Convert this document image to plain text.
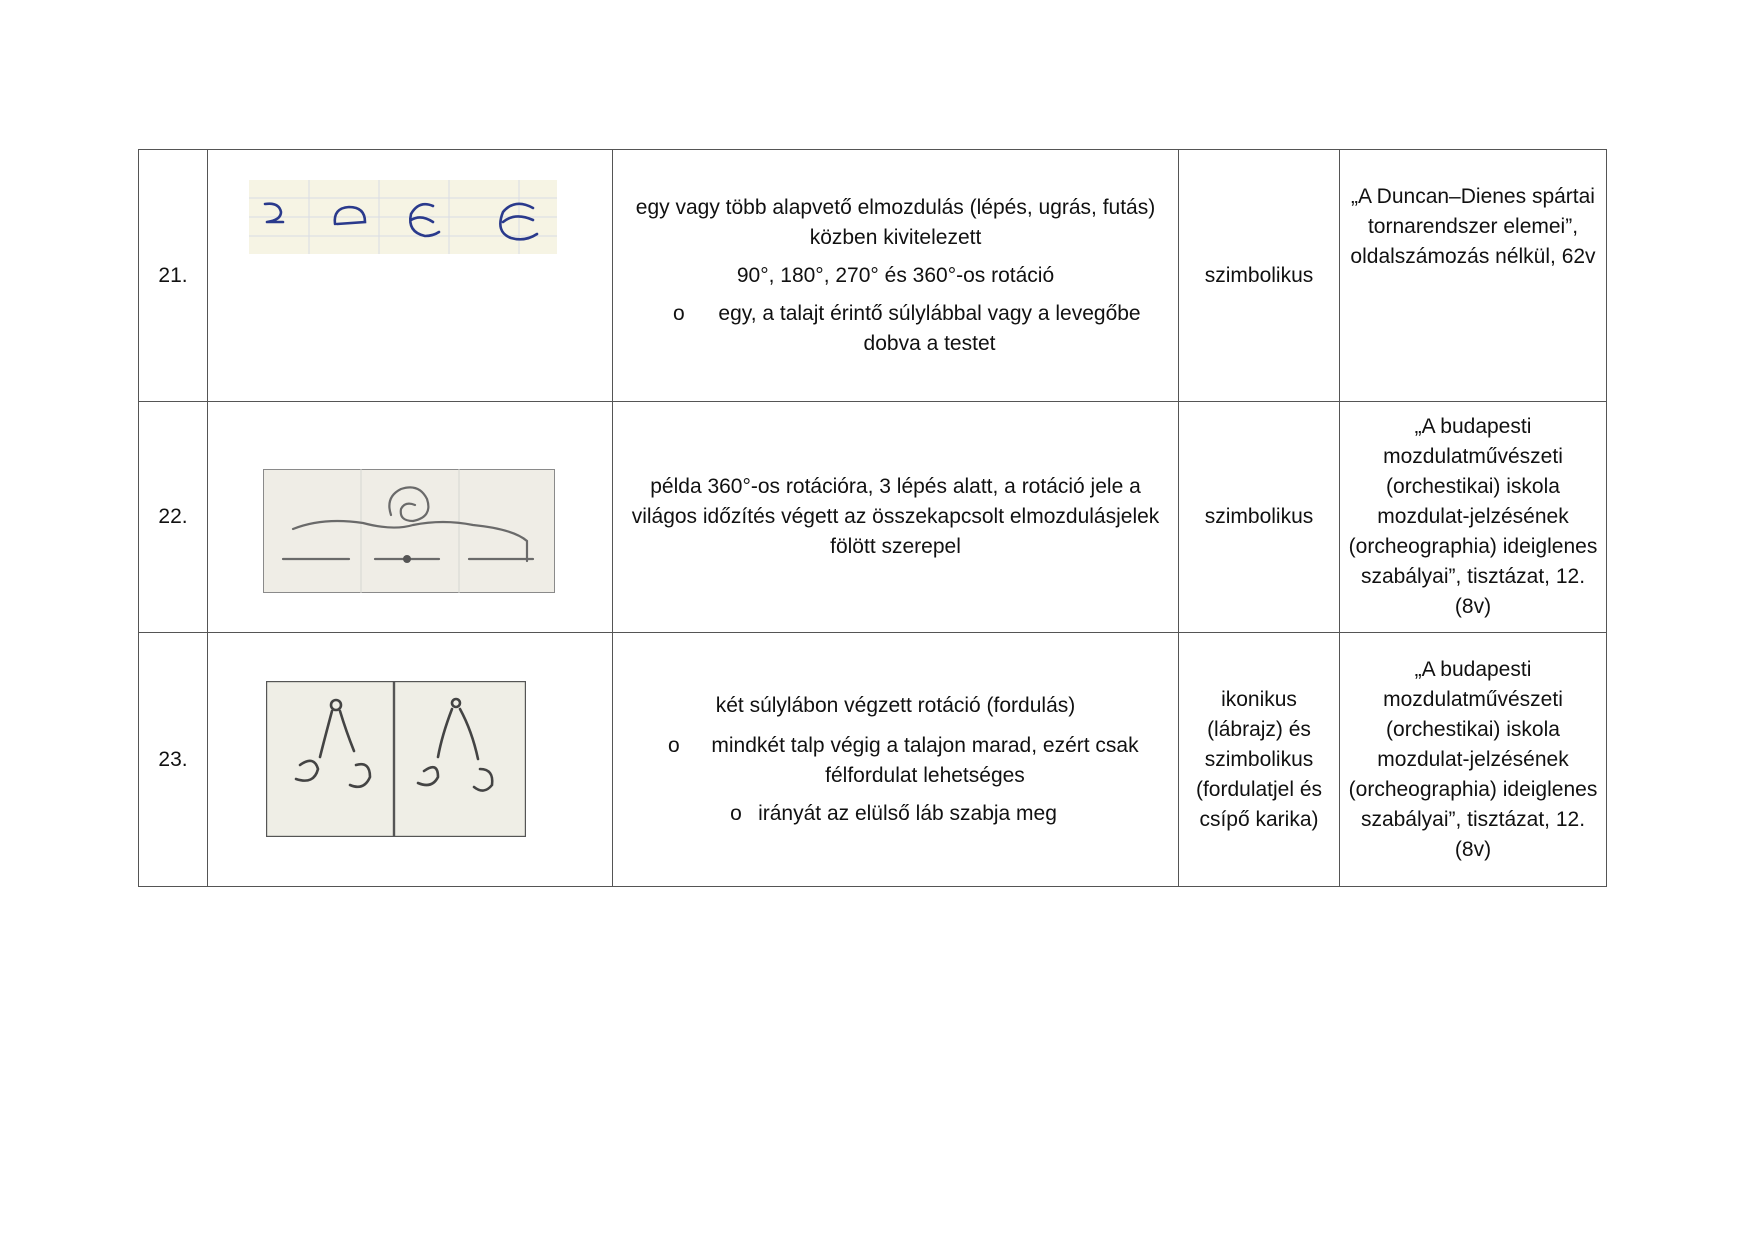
21.		egy vagy több alapvető elmozdulás (lépés, ugrás, futás) közben kivitelezett

90°, 180°, 270° és 360°-os rotáció

o egy, a talajt érintő súlylábbal vagy a levegőbe dobva a testet	szimbolikus	„A Duncan–Dienes spártai tornarendszer elemei”, oldalszámozás nélkül, 62v
22.		példa 360°-os rotációra, 3 lépés alatt, a rotáció jele a világos időzítés végett az összekapcsolt elmozdulásjelek fölött szerepel	szimbolikus	„A budapesti mozdulatművészeti (orchestikai) iskola mozdulat-jelzésének (orcheographia) ideiglenes szabályai”, tisztázat, 12. (8v)
23.		két súlylábon végzett rotáció (fordulás)

o mindkét talp végig a talajon marad, ezért csak félfordulat lehetséges
o irányát az elülső láb szabja meg	ikonikus (lábrajz) és szimbolikus (fordulatjel és csípő karika)	„A budapesti mozdulatművészeti (orchestikai) iskola mozdulat-jelzésének (orcheographia) ideiglenes szabályai”, tisztázat, 12. (8v)
